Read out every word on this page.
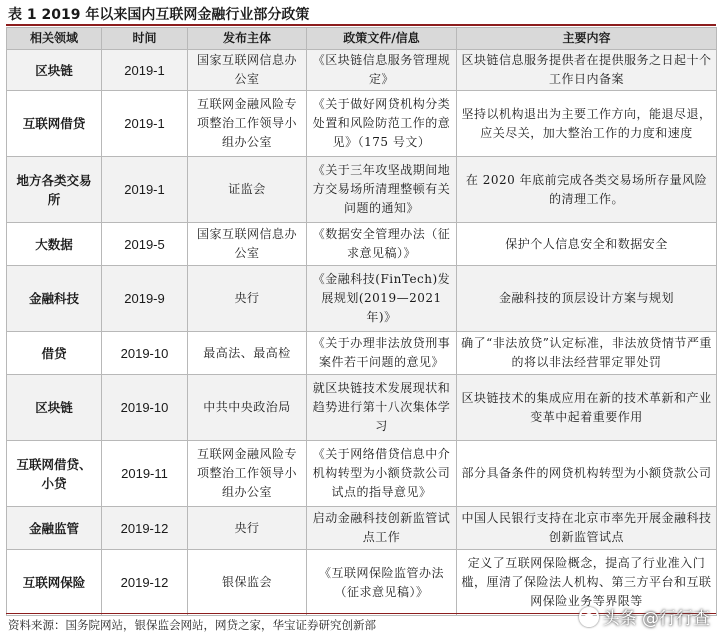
表 1 2019 年以来国内互联网金融行业部分政策
相关领域	时间	发布主体	政策文件/信息	主要内容
区块链	2019-1	国家互联网信息办公室	《区块链信息服务管理规定》	区块链信息服务提供者在提供服务之日起十个工作日内备案
互联网借贷	2019-1	互联网金融风险专项整治工作领导小组办公室	《关于做好网贷机构分类处置和风险防范工作的意见》（175 号文）	坚持以机构退出为主要工作方向，能退尽退，应关尽关，加大整治工作的力度和速度
地方各类交易所	2019-1	证监会	《关于三年攻坚战期间地方交易场所清理整顿有关问题的通知》	在 2020 年底前完成各类交易场所存量风险的清理工作。
大数据	2019-5	国家互联网信息办公室	《数据安全管理办法（征求意见稿）》	保护个人信息安全和数据安全
金融科技	2019-9	央行	《金融科技(FinTech)发展规划(2019—2021年)》	金融科技的顶层设计方案与规划
借贷	2019-10	最高法、最高检	《关于办理非法放贷刑事案件若干问题的意见》	确了“非法放贷”认定标准，非法放贷情节严重的将以非法经营罪定罪处罚
区块链	2019-10	中共中央政治局	就区块链技术发展现状和趋势进行第十八次集体学习	区块链技术的集成应用在新的技术革新和产业变革中起着重要作用
互联网借贷、小贷	2019-11	互联网金融风险专项整治工作领导小组办公室	《关于网络借贷信息中介机构转型为小额贷款公司试点的指导意见》	部分具备条件的网贷机构转型为小额贷款公司
金融监管	2019-12	央行	启动金融科技创新监管试点工作	中国人民银行支持在北京市率先开展金融科技创新监管试点
互联网保险	2019-12	银保监会	《互联网保险监管办法（征求意见稿）》	定义了互联网保险概念，提高了行业准入门槛，厘清了保险法人机构、第三方平台和互联网保险业务等界限等
资料来源：国务院网站，银保监会网站，网贷之家，华宝证券研究创新部	头条 @行行查
